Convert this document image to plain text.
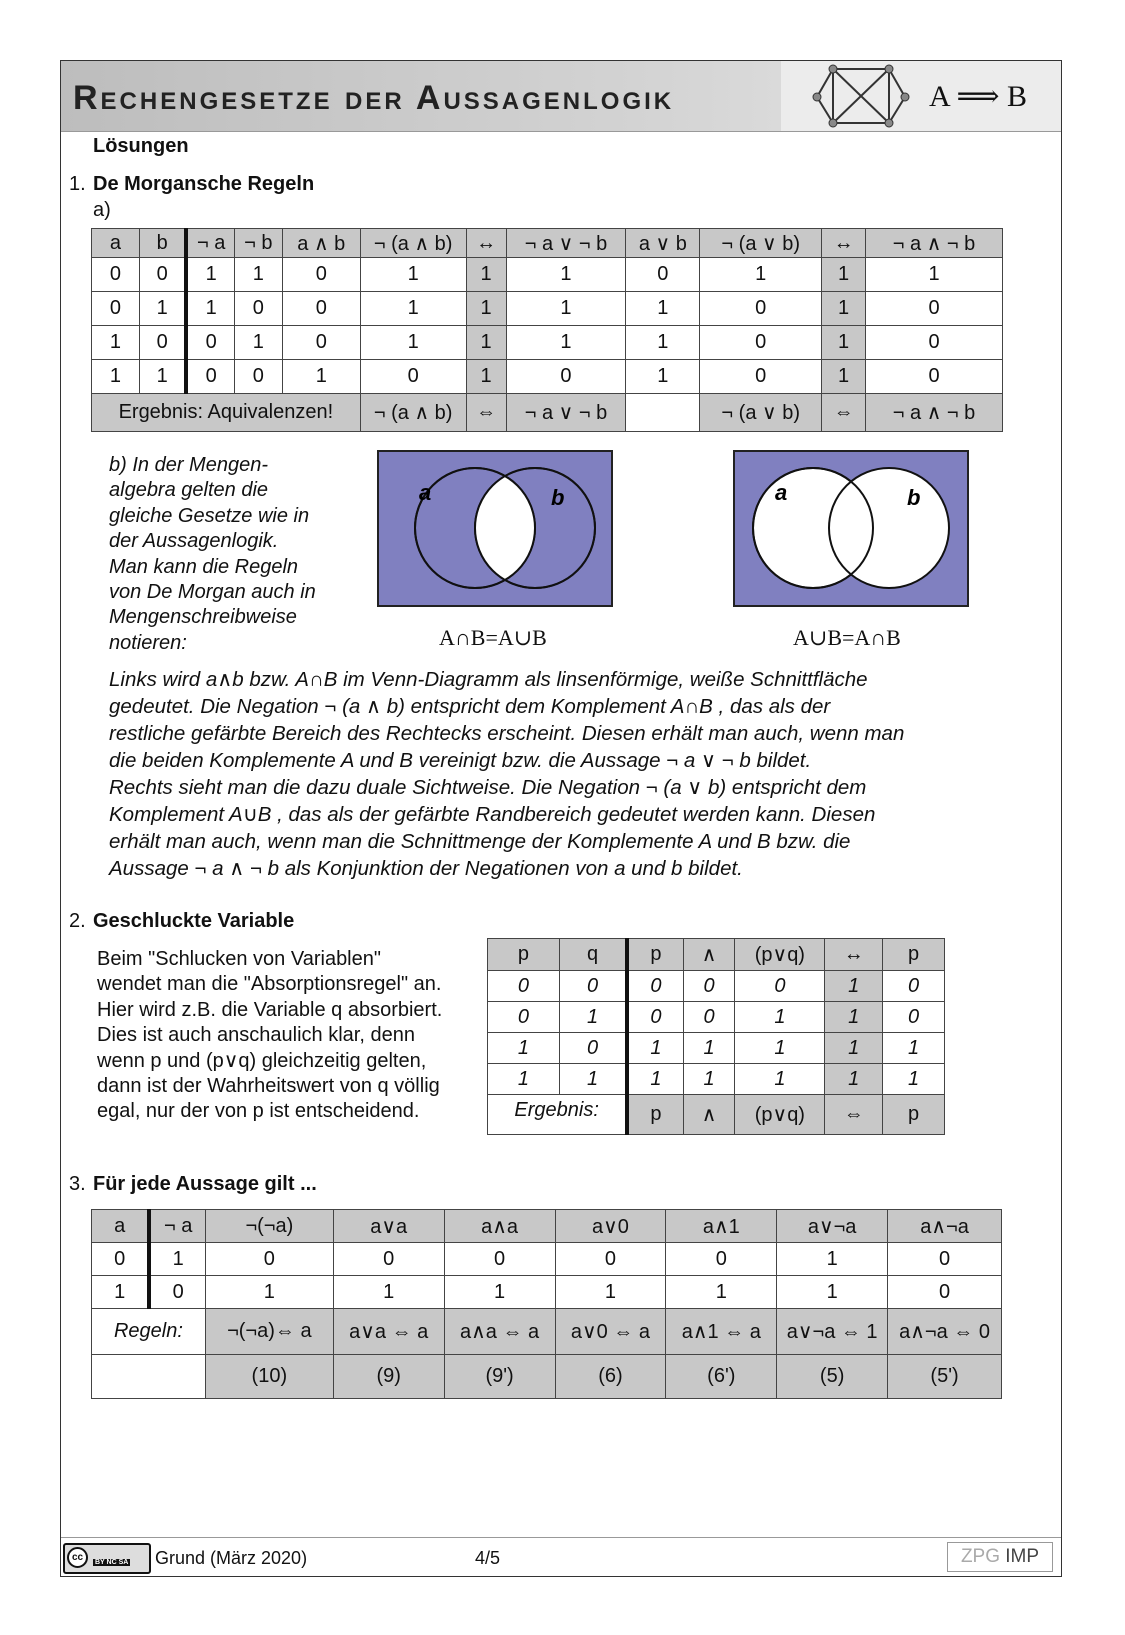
Rechengesetze der Aussagenlogik	A ⟹ B
Lösungen
1. De Morgansche Regeln
a)
a	b	¬ a	¬ b	a ∧ b	¬ (a ∧ b)	↔	¬ a ∨ ¬ b	a ∨ b	¬ (a ∨ b)	↔	¬ a ∧ ¬ b
0	0	1	1	0	1	1	1	0	1	1	1
0	1	1	0	0	1	1	1	1	0	1	0
1	0	0	1	0	1	1	1	1	0	1	0
1	1	0	0	1	0	1	0	1	0	1	0
Ergebnis: Aquivalenzen!					¬ (a ∧ b)	⇔	¬ a ∨ ¬ b		¬ (a ∨ b)	⇔	¬ a ∧ ¬ b
b) In der Mengen-
algebra gelten die
gleiche Gesetze wie in
der Aussagenlogik.
Man kann die Regeln
von De Morgan auch in
Mengenschreibweise
notieren:
a	b
A∩B=A∪B
a	b
A∪B=A∩B
Links wird a∧b bzw. A∩B im Venn-Diagramm als linsenförmige, weiße Schnittfläche
gedeutet. Die Negation ¬ (a ∧ b) entspricht dem Komplement A∩B , das als der
restliche gefärbte Bereich des Rechtecks erscheint. Diesen erhält man auch, wenn man
die beiden Komplemente A und B vereinigt bzw. die Aussage ¬ a ∨ ¬ b bildet.
Rechts sieht man die dazu duale Sichtweise. Die Negation ¬ (a ∨ b) entspricht dem
Komplement A∪B , das als der gefärbte Randbereich gedeutet werden kann. Diesen
erhält man auch, wenn man die Schnittmenge der Komplemente A und B bzw. die
Aussage ¬ a ∧ ¬ b als Konjunktion der Negationen von a und b bildet.
2. Geschluckte Variable
Beim "Schlucken von Variablen"
wendet man die "Absorptionsregel" an.
Hier wird z.B. die Variable q absorbiert.
Dies ist auch anschaulich klar, denn
wenn p und (p∨q) gleichzeitig gelten,
dann ist der Wahrheitswert von q völlig
egal, nur der von p ist entscheidend.
p	q	p	∧	(p∨q)	↔	p
0	0	0	0	0	1	0
0	1	0	0	1	1	0
1	0	1	1	1	1	1
1	1	1	1	1	1	1
Ergebnis:		p	∧	(p∨q)	⇔	p
3. Für jede Aussage gilt ...
a	¬ a	¬(¬a)	a∨a	a∧a	a∨0	a∧1	a∨¬a	a∧¬a
0	1	0	0	0	0	0	1	0
1	0	1	1	1	1	1	1	0
Regeln:		¬(¬a)⇔ a	a∨a ⇔ a	a∧a ⇔ a	a∨0 ⇔ a	a∧1 ⇔ a	a∨¬a ⇔ 1	a∧¬a ⇔ 0
		(10)	(9)	(9')	(6)	(6')	(5)	(5')
cc	BY NC SA Grund (März 2020)	4/5	ZPG IMP
